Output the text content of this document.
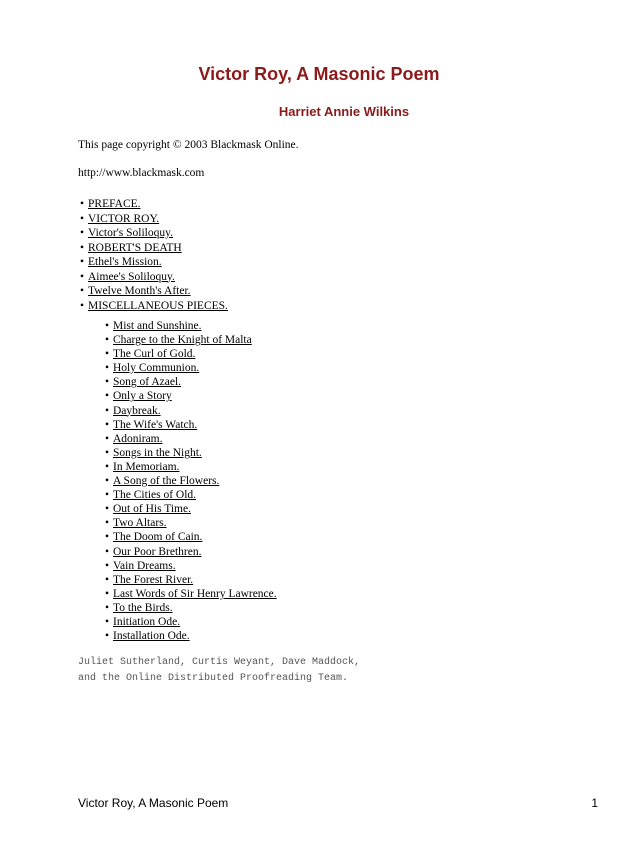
Victor Roy, A Masonic Poem
Harriet Annie Wilkins
This page copyright © 2003 Blackmask Online.
http://www.blackmask.com
• PREFACE.
• VICTOR ROY.
• Victor's Soliloquy.
• ROBERT'S DEATH
• Ethel's Mission.
• Aimee's Soliloquy.
• Twelve Month's After.
• MISCELLANEOUS PIECES.
• Mist and Sunshine.
• Charge to the Knight of Malta
• The Curl of Gold.
• Holy Communion.
• Song of Azael.
• Only a Story
• Daybreak.
• The Wife's Watch.
• Adoniram.
• Songs in the Night.
• In Memoriam.
• A Song of the Flowers.
• The Cities of Old.
• Out of His Time.
• Two Altars.
• The Doom of Cain.
• Our Poor Brethren.
• Vain Dreams.
• The Forest River.
• Last Words of Sir Henry Lawrence.
• To the Birds.
• Initiation Ode.
• Installation Ode.
Juliet Sutherland, Curtis Weyant, Dave Maddock,
and the Online Distributed Proofreading Team.
Victor Roy, A Masonic Poem	1
